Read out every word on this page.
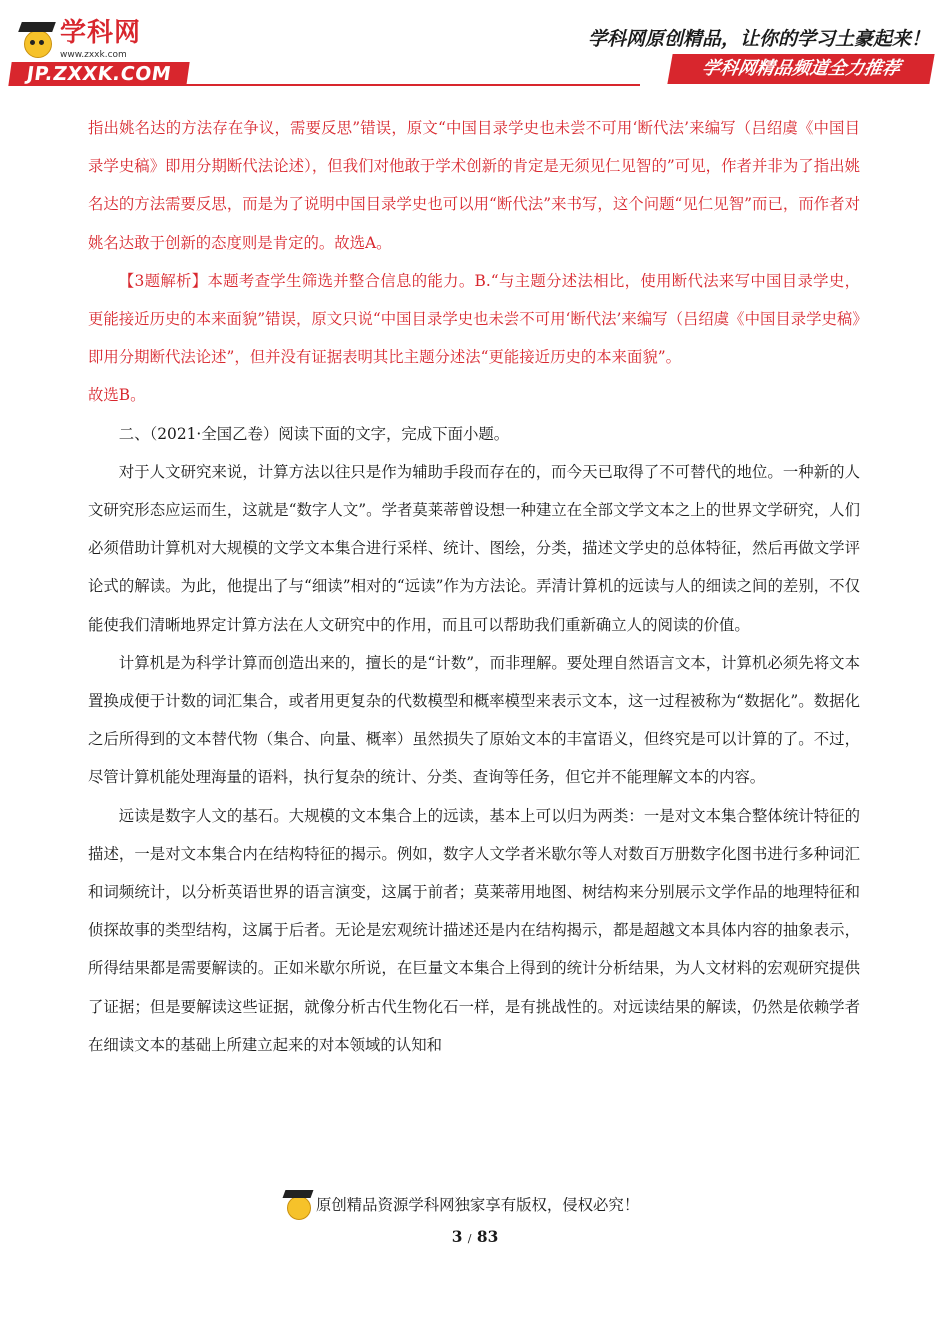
学科网
www.zxxk.com
JP.ZXXK.COM
学科网原创精品，让你的学习土豪起来！
学科网精品频道全力推荐

指出姚名达的方法存在争议，需要反思”错误，原文“中国目录学史也未尝不可用‘断代法’来编写（吕绍虞《中国目录学史稿》即用分期断代法论述），但我们对他敢于学术创新的肯定是无须见仁见智的”可见，作者并非为了指出姚名达的方法需要反思，而是为了说明中国目录学史也可以用“断代法”来书写，这个问题“见仁见智”而已，而作者对姚名达敢于创新的态度则是肯定的。故选A。

【3题解析】本题考查学生筛选并整合信息的能力。B.“与主题分述法相比，使用断代法来写中国目录学史，更能接近历史的本来面貌”错误，原文只说“中国目录学史也未尝不可用‘断代法’来编写（吕绍虞《中国目录学史稿》即用分期断代法论述”，但并没有证据表明其比主题分述法“更能接近历史的本来面貌”。

故选B。

二、（2021·全国乙卷）阅读下面的文字，完成下面小题。

对于人文研究来说，计算方法以往只是作为辅助手段而存在的，而今天已取得了不可替代的地位。一种新的人文研究形态应运而生，这就是“数字人文”。学者莫莱蒂曾设想一种建立在全部文学文本之上的世界文学研究，人们必须借助计算机对大规模的文学文本集合进行采样、统计、图绘，分类，描述文学史的总体特征，然后再做文学评论式的解读。为此，他提出了与“细读”相对的“远读”作为方法论。弄清计算机的远读与人的细读之间的差别，不仅能使我们清晰地界定计算方法在人文研究中的作用，而且可以帮助我们重新确立人的阅读的价值。

计算机是为科学计算而创造出来的，擅长的是“计数”，而非理解。要处理自然语言文本，计算机必须先将文本置换成便于计数的词汇集合，或者用更复杂的代数模型和概率模型来表示文本，这一过程被称为“数据化”。数据化之后所得到的文本替代物（集合、向量、概率）虽然损失了原始文本的丰富语义，但终究是可以计算的了。不过，尽管计算机能处理海量的语料，执行复杂的统计、分类、查询等任务，但它并不能理解文本的内容。

远读是数字人文的基石。大规模的文本集合上的远读，基本上可以归为两类：一是对文本集合整体统计特征的描述，一是对文本集合内在结构特征的揭示。例如，数字人文学者米歇尔等人对数百万册数字化图书进行多种词汇和词频统计，以分析英语世界的语言演变，这属于前者；莫莱蒂用地图、树结构来分别展示文学作品的地理特征和侦探故事的类型结构，这属于后者。无论是宏观统计描述还是内在结构揭示，都是超越文本具体内容的抽象表示，所得结果都是需要解读的。正如米歇尔所说，在巨量文本集合上得到的统计分析结果，为人文材料的宏观研究提供了证据；但是要解读这些证据，就像分析古代生物化石一样，是有挑战性的。对远读结果的解读，仍然是依赖学者在细读文本的基础上所建立起来的对本领域的认知和

原创精品资源学科网独家享有版权，侵权必究！
3 / 83
